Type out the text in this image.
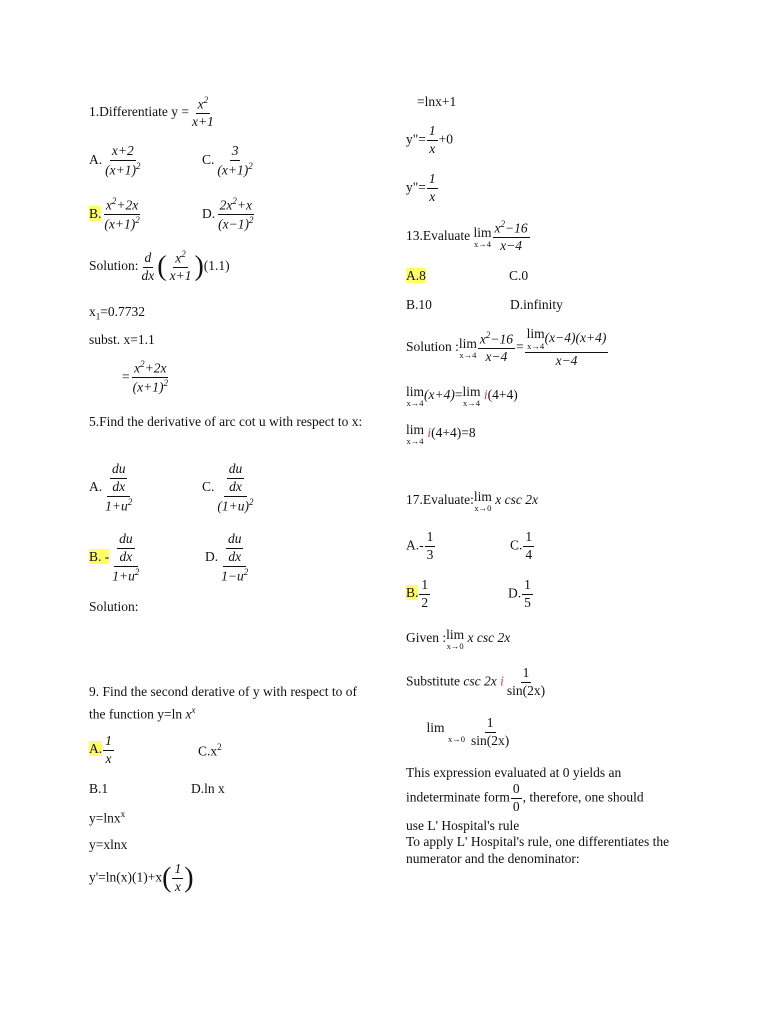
1.Differentiate $y = \frac{x^2}{x+1}$
A. $\frac{x+2}{(x+1)^2}$	C. $\frac{3}{(x+1)^2}$
B. $\frac{x^2+2x}{(x+1)^2}$	D. $\frac{2x^2+x}{(x-1)^2}$
Solution: $\frac{d}{dx}$ ( $\frac{x^2}{x+1} )(1.1)$
$x_1=0.7732$
subst. x=1.1
= $\frac{x^2+2x}{(x+1)^2}$
5.Find the derivative of arc cot u with respect to x:
A. $\frac{\frac{du}{dx}}{1+u^2}$	C. $\frac{\frac{du}{dx}}{(1+u)^2}$
B. - $\frac{\frac{du}{dx}}{1+u^2}$	D. $\frac{\frac{du}{dx}}{1-u^2}$
Solution:
9. Find the second derative of y with respect to of the function y=ln $x^x$
A. $\frac{1}{x}$	$C.x^2$
B.1	D.ln x
y=lnx$^x$
y=xlnx
$y'=\ln(x)(1)+x( \frac{1}{x}$ )
=lnx+1
y"= $\frac{1}{x} +0$
y"= $\frac{1}{x}$
13.Evaluate lim
$x\to 4 \frac{x^2-16}{x-4}$
A.8	C.0
B.10	D.infinity
Solution : lim
$x\to 4 \frac{x^2-16}{x-4} = \lim$
x→4
(x−4)(x+4)
x−4
lim
x→4
(x+4)= lim
x→4
i(4+4)
lim
x→4
i(4+4)=8
17.Evaluate: lim
x→0
x csc 2x
$A.- \frac{1}{3}$	C. $\frac{1}{4}$
B. $\frac{1}{2}$	D. $\frac{1}{5}$
Given : lim
x→0
x csc 2x
Substitute csc 2x i $\frac{1}{\sin(2x)}$
lim
$x\to 0 \frac{1}{\sin(2x)}$
This expression evaluated at 0 yields an
indeterminate form $\frac{0}{0}$ , therefore, one should
use L' Hospital's rule
To apply L' Hospital's rule, one differentiates the numerator and the denominator:
